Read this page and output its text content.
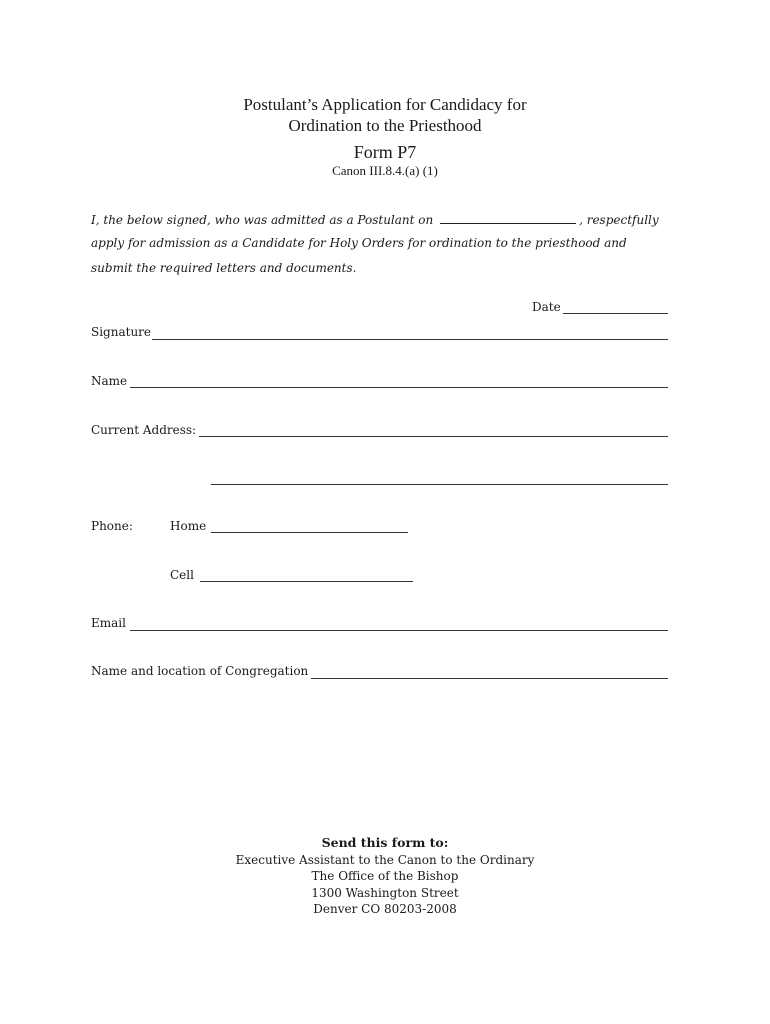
Postulant’s Application for Candidacy for
Ordination to the Priesthood
Form P7
Canon III.8.4.(a) (1)
I, the below signed, who was admitted as a Postulant on	, respectfully
apply for admission as a Candidate for Holy Orders for ordination to the priesthood and
submit the required letters and documents.
Date
Signature
Name
Current Address:
Phone:	Home
Cell
Email
Name and location of Congregation
Send this form to:
Executive Assistant to the Canon to the Ordinary
The Office of the Bishop
1300 Washington Street
Denver CO 80203-2008
